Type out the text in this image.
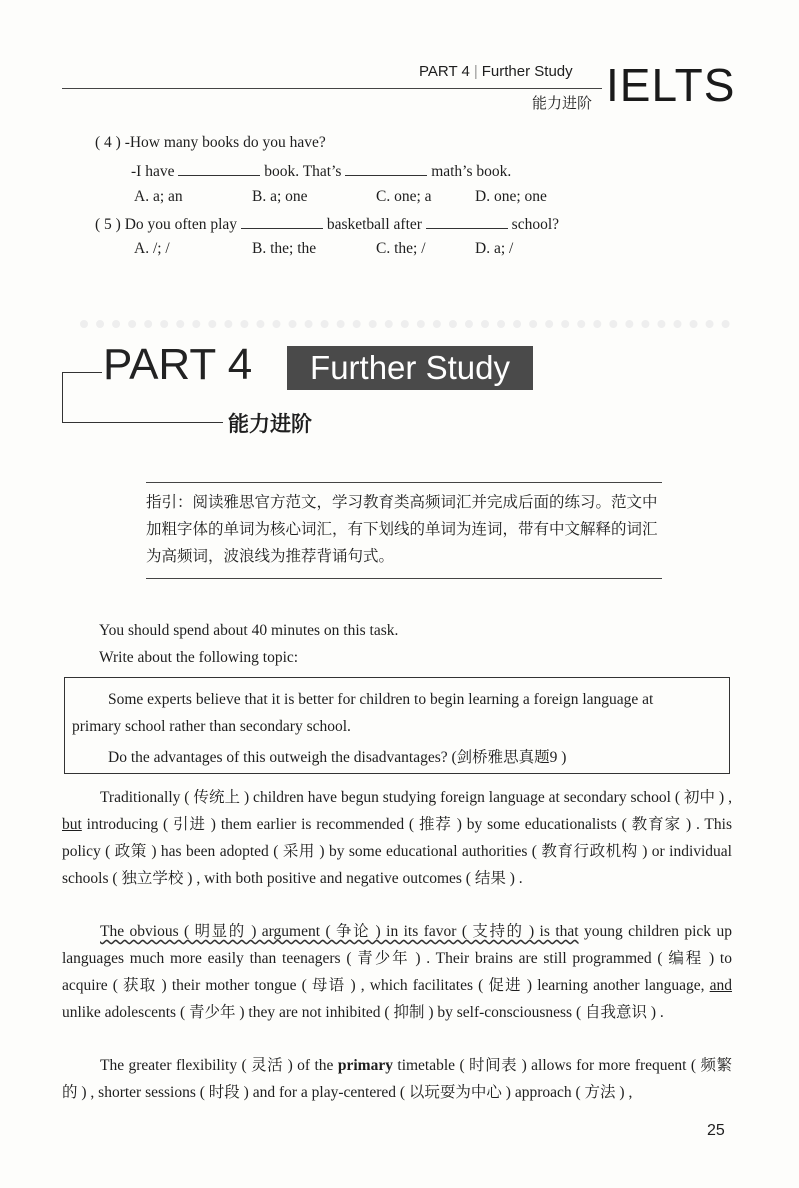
PART 4 | Further Study
能力进阶 IELTS
( 4 ) -How many books do you have?
-I have	book. That’s	math’s book.
A. a; an	B. a; one	C. one; a	D. one; one
( 5 ) Do you often play	basketball after	school?
A. /; /	B. the; the	C. the; /	D. a; /
PART 4	Further Study
能力进阶
指引：阅读雅思官方范文，学习教育类高频词汇并完成后面的练习。范文中加粗字体的单词为核心词汇，有下划线的单词为连词，带有中文解释的词汇为高频词，波浪线为推荐背诵句式。
You should spend about 40 minutes on this task.
Write about the following topic:
Some experts believe that it is better for children to begin learning a foreign language at
primary school rather than secondary school.
Do the advantages of this outweigh the disadvantages? (剑桥雅思真题9 )

Traditionally ( 传统上 ) children have begun studying foreign language at secondary school ( 初中 ) , but introducing ( 引进 ) them earlier is recommended ( 推荐 ) by some educationalists ( 教育家 ) . This policy ( 政策 ) has been adopted ( 采用 ) by some educational authorities ( 教育行政机构 ) or individual schools ( 独立学校 ) , with both positive and negative outcomes ( 结果 ) .

The obvious ( 明显的 ) argument ( 争论 ) in its favor ( 支持的 ) is that young children pick up languages much more easily than teenagers ( 青少年 ) . Their brains are still programmed ( 编程 ) to acquire ( 获取 ) their mother tongue ( 母语 ) , which facilitates ( 促进 ) learning another language, and unlike adolescents ( 青少年 ) they are not inhibited ( 抑制 ) by self-consciousness ( 自我意识 ) .

The greater flexibility ( 灵活 ) of the primary timetable ( 时间表 ) allows for more frequent ( 频繁的 ) , shorter sessions ( 时段 ) and for a play-centered ( 以玩耍为中心 ) approach ( 方法 ) ,

25
